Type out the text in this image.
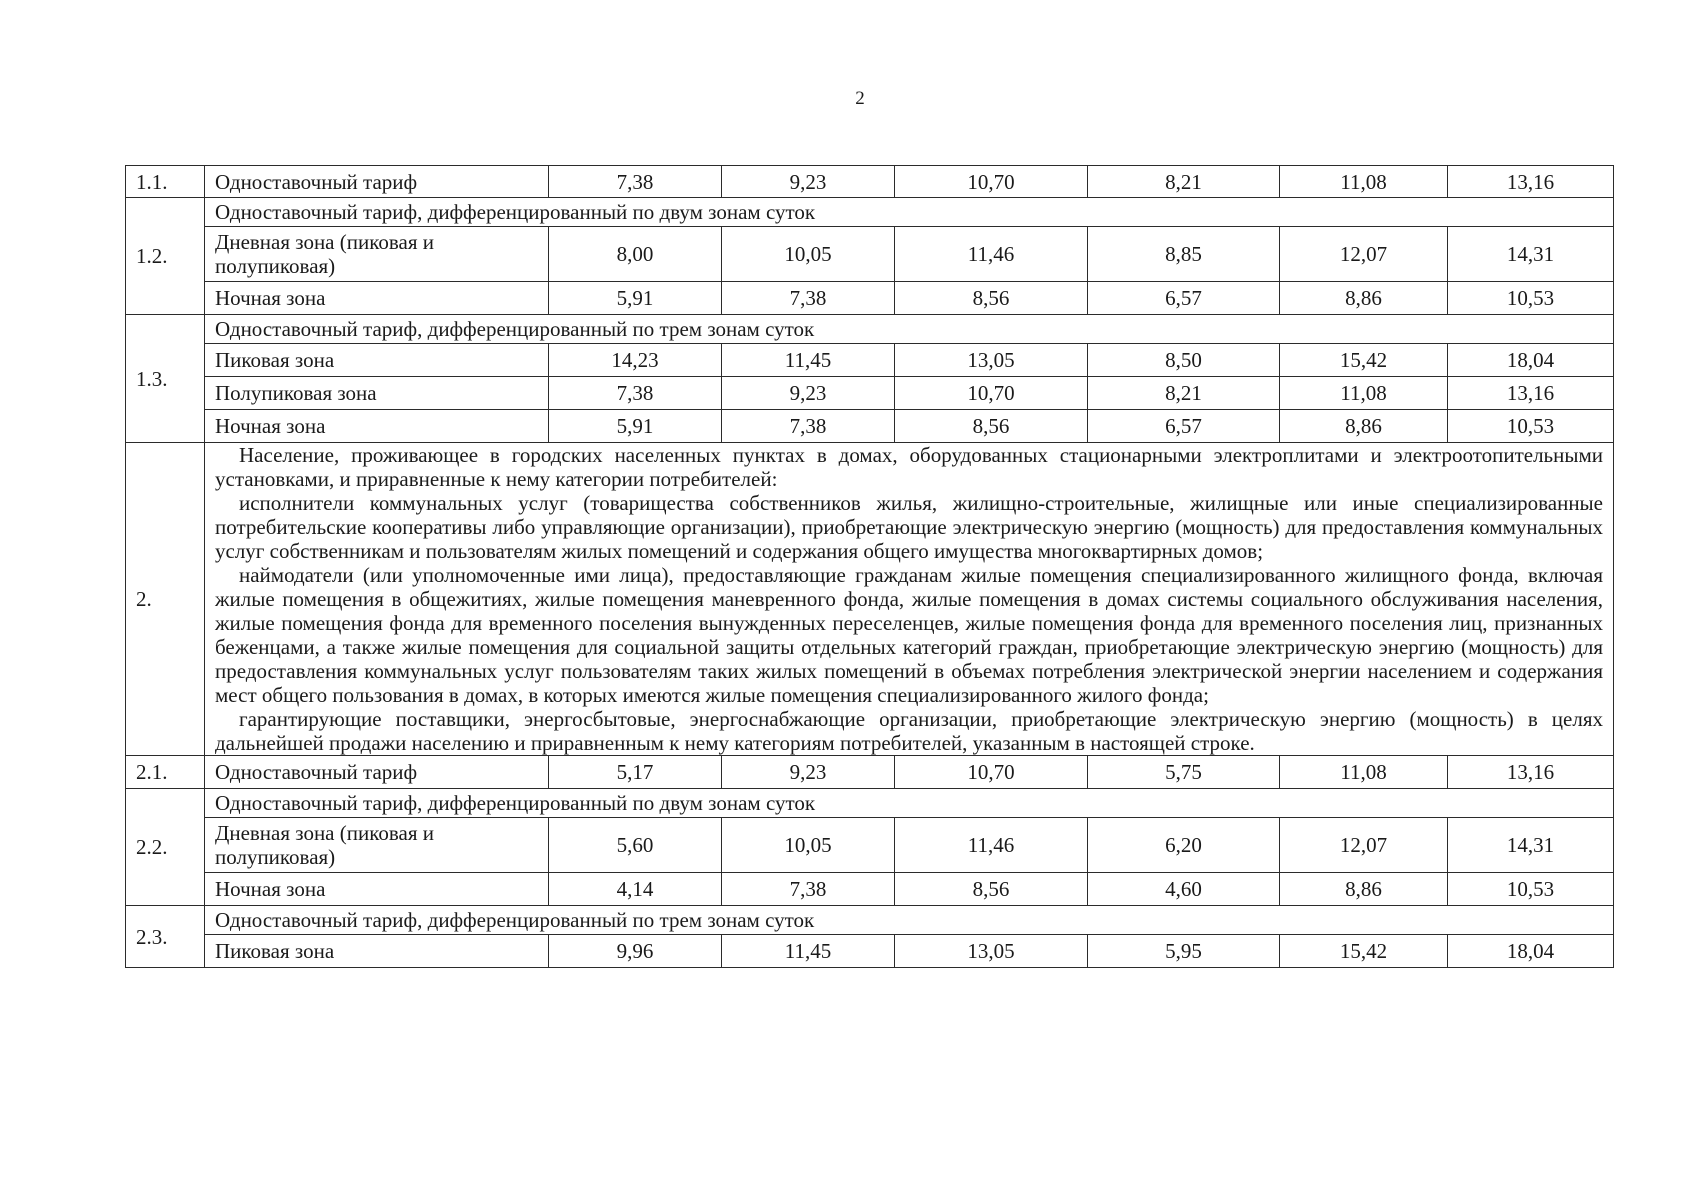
2
1.1.	Одноставочный тариф	7,38	9,23	10,70	8,21	11,08	13,16
1.2.	Одноставочный тариф, дифференцированный по двум зонам суток						
	Дневная зона (пиковая и полупиковая)	8,00	10,05	11,46	8,85	12,07	14,31
	Ночная зона	5,91	7,38	8,56	6,57	8,86	10,53
1.3.	Одноставочный тариф, дифференцированный по трем зонам суток						
	Пиковая зона	14,23	11,45	13,05	8,50	15,42	18,04
	Полупиковая зона	7,38	9,23	10,70	8,21	11,08	13,16
	Ночная зона	5,91	7,38	8,56	6,57	8,86	10,53
2.	Население, проживающее в городских населенных пунктах в домах, оборудованных стационарными электроплитами и электроотопительными установками, и приравненные к нему категории потребителей:

исполнители коммунальных услуг (товарищества собственников жилья, жилищно-строительные, жилищные или иные специализированные потребительские кооперативы либо управляющие организации), приобретающие электрическую энергию (мощность) для предоставления коммунальных услуг собственникам и пользователям жилых помещений и содержания общего имущества многоквартирных домов;

наймодатели (или уполномоченные ими лица), предоставляющие гражданам жилые помещения специализированного жилищного фонда, включая жилые помещения в общежитиях, жилые помещения маневренного фонда, жилые помещения в домах системы социального обслуживания населения, жилые помещения фонда для временного поселения вынужденных переселенцев, жилые помещения фонда для временного поселения лиц, признанных беженцами, а также жилые помещения для социальной защиты отдельных категорий граждан, приобретающие электрическую энергию (мощность) для предоставления коммунальных услуг пользователям таких жилых помещений в объемах потребления электрической энергии населением и содержания мест общего пользования в домах, в которых имеются жилые помещения специализированного жилого фонда;

гарантирующие поставщики, энергосбытовые, энергоснабжающие организации, приобретающие электрическую энергию (мощность) в целях дальнейшей продажи населению и приравненным к нему категориям потребителей, указанным в настоящей строке.						

2.1.	Одноставочный тариф	5,17	9,23	10,70	5,75	11,08	13,16
2.2.	Одноставочный тариф, дифференцированный по двум зонам суток						
	Дневная зона (пиковая и полупиковая)	5,60	10,05	11,46	6,20	12,07	14,31
	Ночная зона	4,14	7,38	8,56	4,60	8,86	10,53
2.3.	Одноставочный тариф, дифференцированный по трем зонам суток						
	Пиковая зона	9,96	11,45	13,05	5,95	15,42	18,04
